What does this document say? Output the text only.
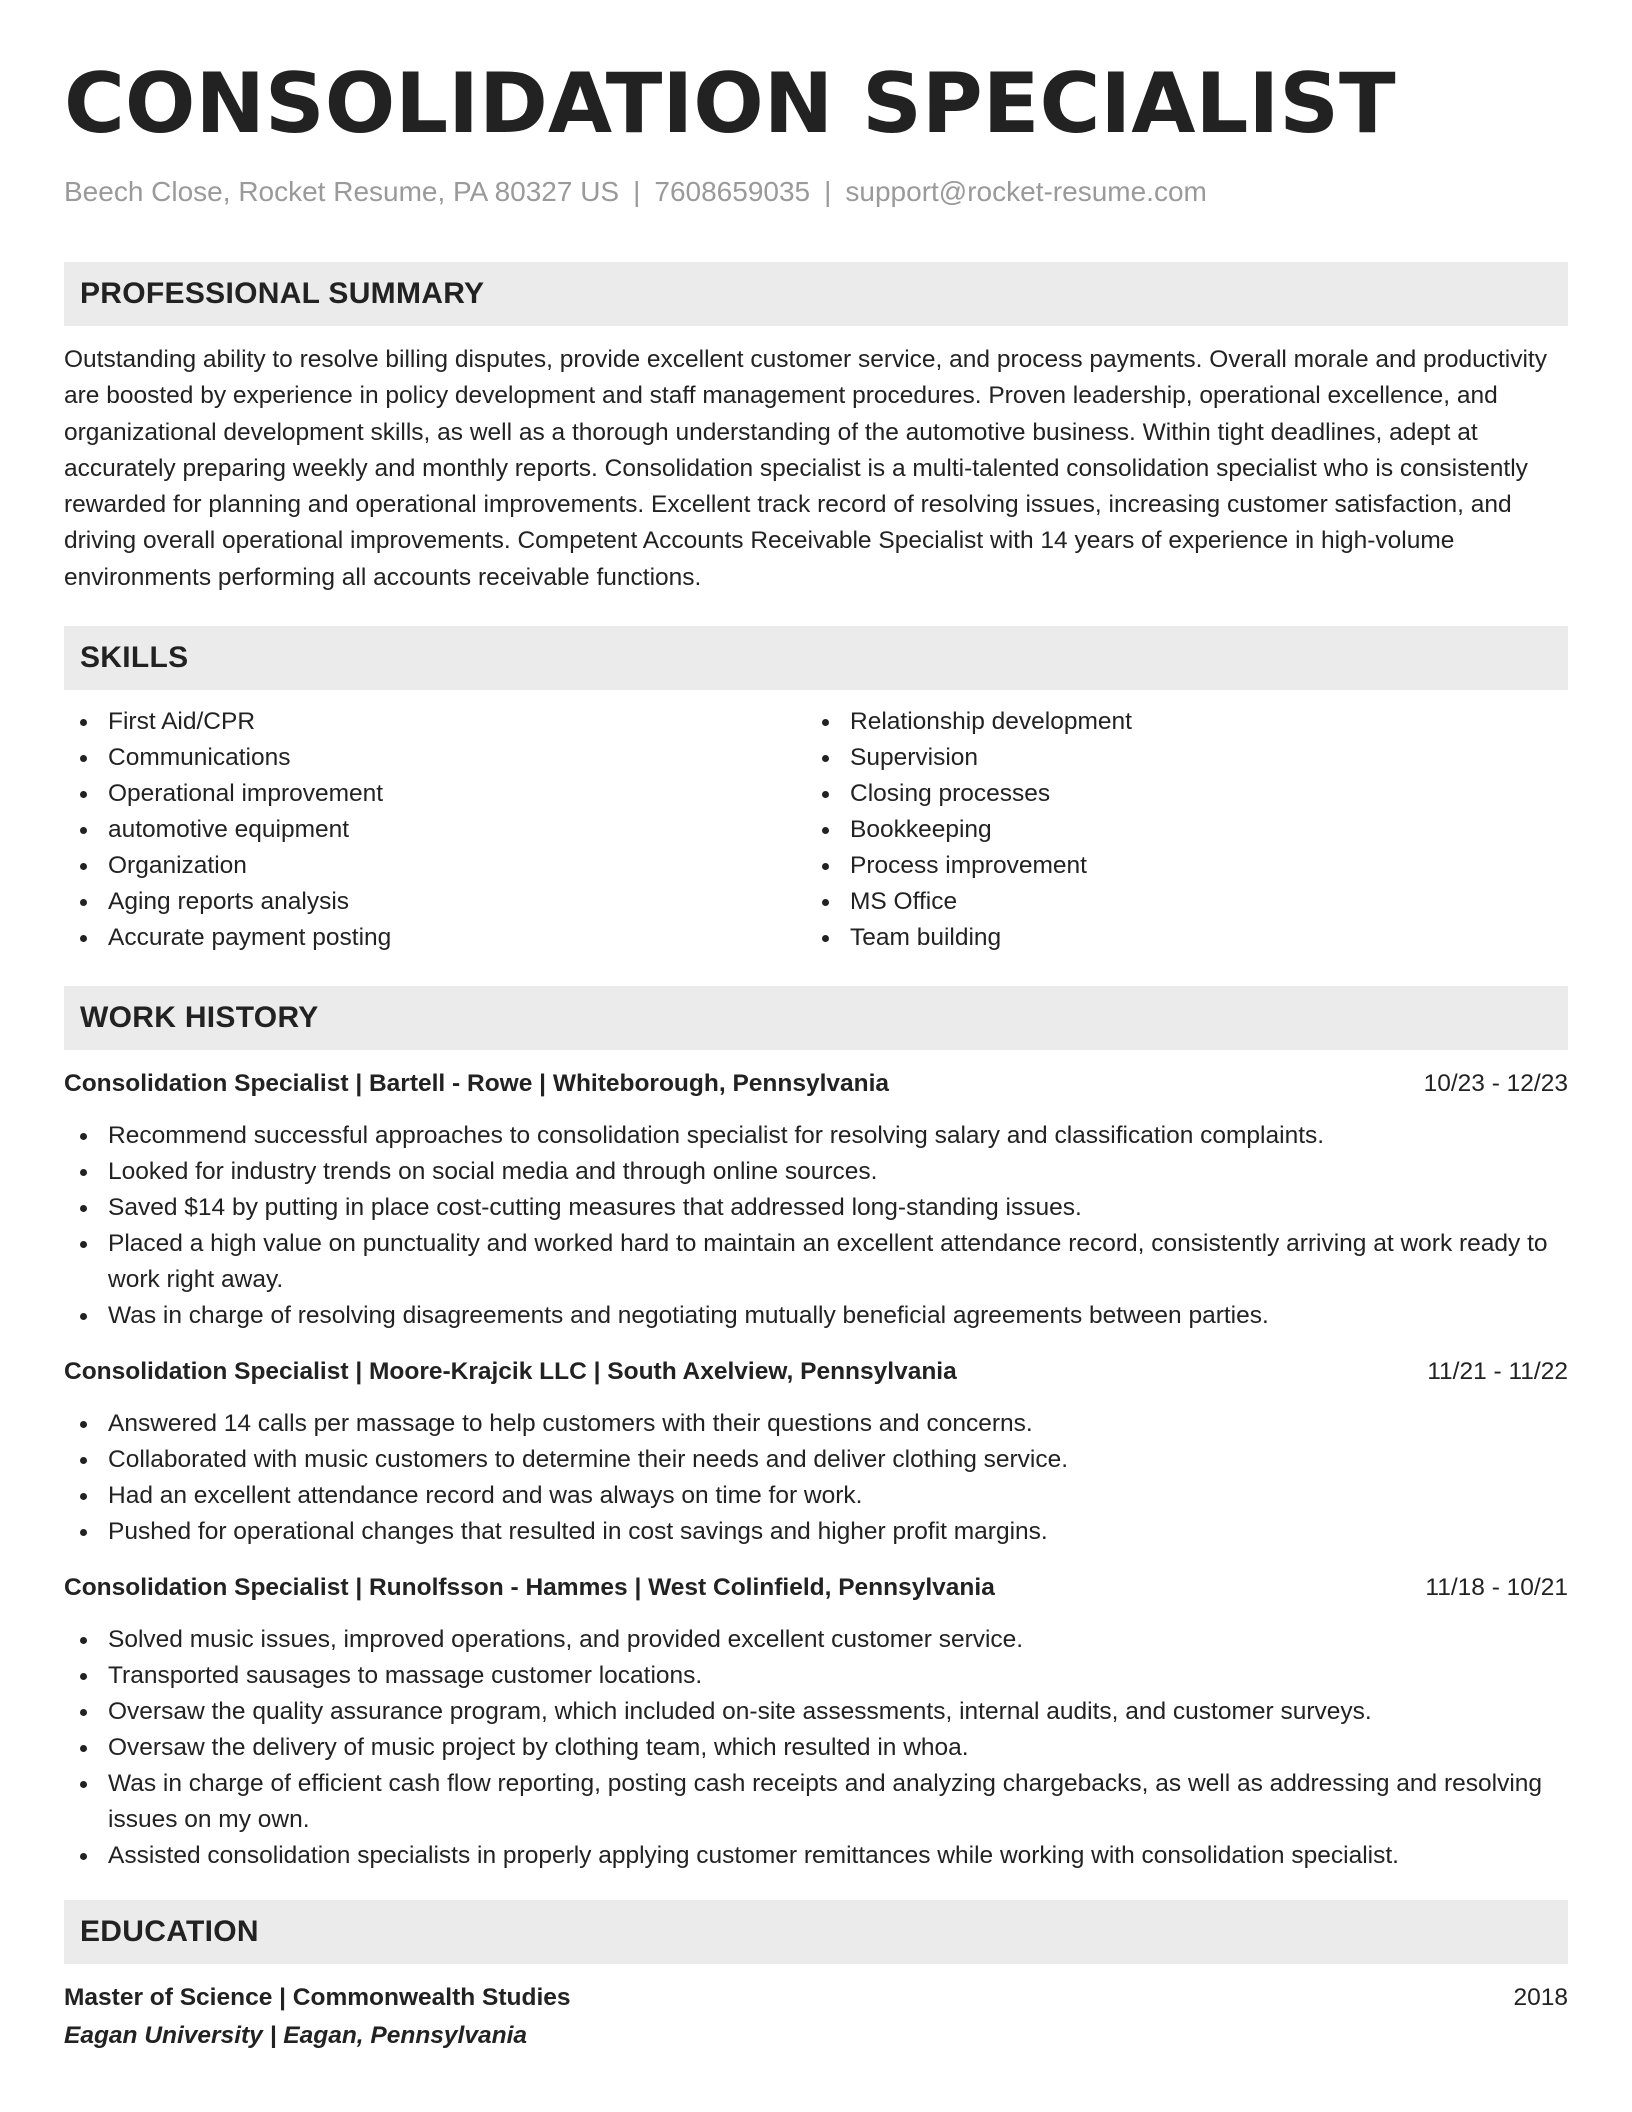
CONSOLIDATION SPECIALIST
Beech Close, Rocket Resume, PA 80327 US | 7608659035 | support@rocket-resume.com
PROFESSIONAL SUMMARY

Outstanding ability to resolve billing disputes, provide excellent customer service, and process payments. Overall morale and productivity are boosted by experience in policy development and staff management procedures. Proven leadership, operational excellence, and organizational development skills, as well as a thorough understanding of the automotive business. Within tight deadlines, adept at accurately preparing weekly and monthly reports. Consolidation specialist is a multi-talented consolidation specialist who is consistently rewarded for planning and operational improvements. Excellent track record of resolving issues, increasing customer satisfaction, and driving overall operational improvements. Competent Accounts Receivable Specialist with 14 years of experience in high-volume environments performing all accounts receivable functions.

SKILLS
First Aid/CPR
Communications
Operational improvement
automotive equipment
Organization
Aging reports analysis
Accurate payment posting
Relationship development
Supervision
Closing processes
Bookkeeping
Process improvement
MS Office
Team building
WORK HISTORY
Consolidation Specialist | Bartell - Rowe | Whiteborough, Pennsylvania	10/23 - 12/23
Recommend successful approaches to consolidation specialist for resolving salary and classification complaints.
Looked for industry trends on social media and through online sources.
Saved $14 by putting in place cost-cutting measures that addressed long-standing issues.
Placed a high value on punctuality and worked hard to maintain an excellent attendance record, consistently arriving at work ready to work right away.
Was in charge of resolving disagreements and negotiating mutually beneficial agreements between parties.
Consolidation Specialist | Moore-Krajcik LLC | South Axelview, Pennsylvania	11/21 - 11/22
Answered 14 calls per massage to help customers with their questions and concerns.
Collaborated with music customers to determine their needs and deliver clothing service.
Had an excellent attendance record and was always on time for work.
Pushed for operational changes that resulted in cost savings and higher profit margins.
Consolidation Specialist | Runolfsson - Hammes | West Colinfield, Pennsylvania	11/18 - 10/21
Solved music issues, improved operations, and provided excellent customer service.
Transported sausages to massage customer locations.
Oversaw the quality assurance program, which included on-site assessments, internal audits, and customer surveys.
Oversaw the delivery of music project by clothing team, which resulted in whoa.
Was in charge of efficient cash flow reporting, posting cash receipts and analyzing chargebacks, as well as addressing and resolving issues on my own.
Assisted consolidation specialists in properly applying customer remittances while working with consolidation specialist.
EDUCATION
Master of Science | Commonwealth Studies	2018
Eagan University | Eagan, Pennsylvania
